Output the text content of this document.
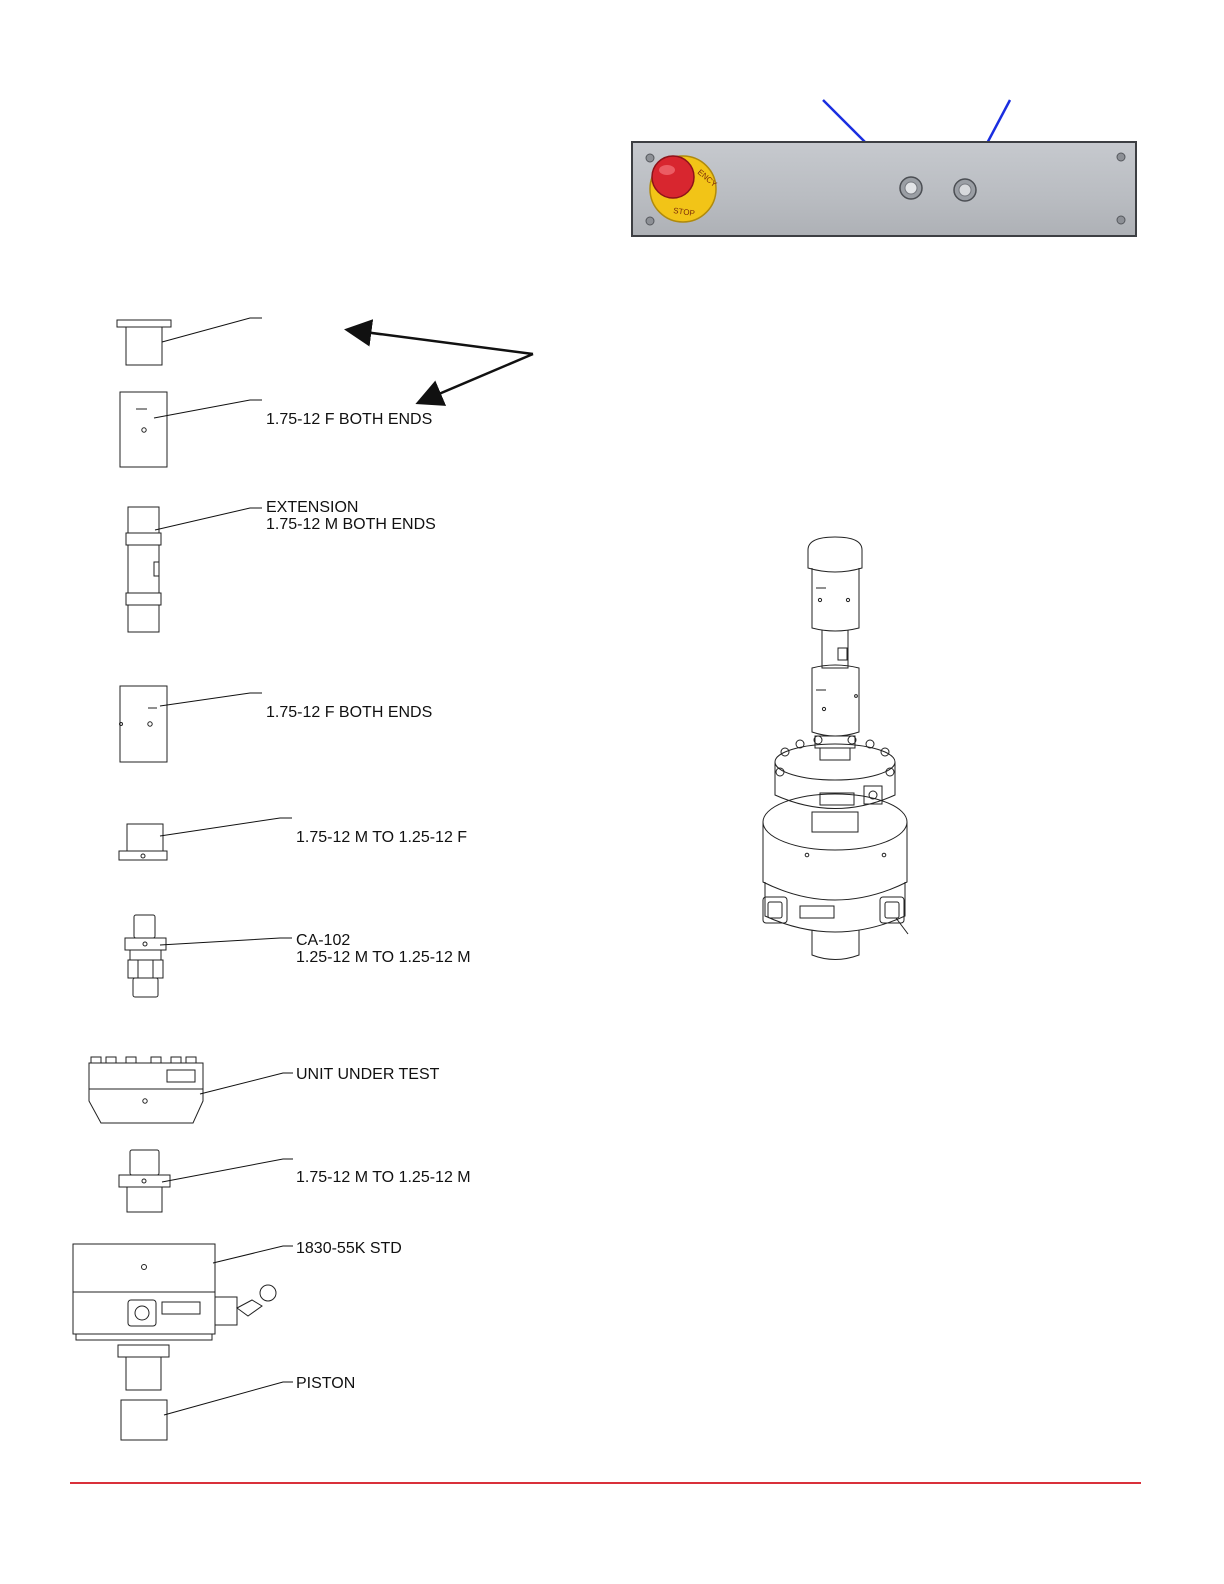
ENCY
STOP
1.75-12 F BOTH ENDS
EXTENSION
1.75-12 M BOTH ENDS
1.75-12 F BOTH ENDS
1.75-12 M TO 1.25-12 F
CA-102
1.25-12 M TO 1.25-12 M
UNIT UNDER TEST
1.75-12 M TO 1.25-12 M
1830-55K STD
PISTON
